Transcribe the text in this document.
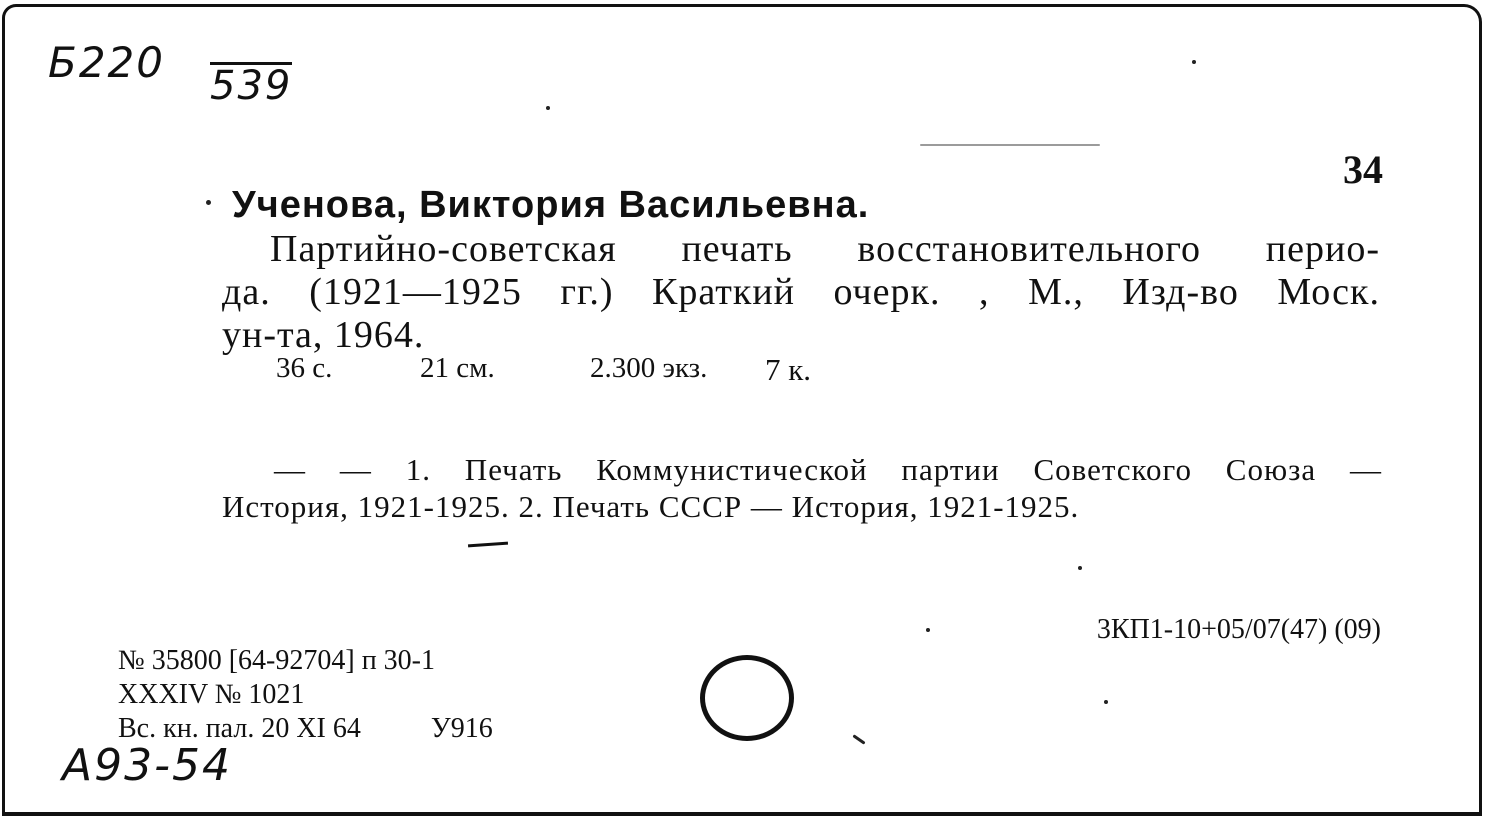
Б220 539
34
Ученова, Виктория Васильевна.
Партийно-советская печать восстановительного перио-
да. (1921—1925 гг.) Краткий очерк. , М., Изд-во Моск.
ун-та, 1964.
36 с.	21 см.	2.300 экз. 7 к.
— — 1. Печать Коммунистической партии Советского Союза —
История, 1921-1925. 2. Печать СССР — История, 1921-1925.
3КП1-10+05/07(47) (09)
№ 35800 [64-92704] п 30-1
XXXIV № 1021
Вс. кн. пал. 20 XI 64	У916
А93-54
